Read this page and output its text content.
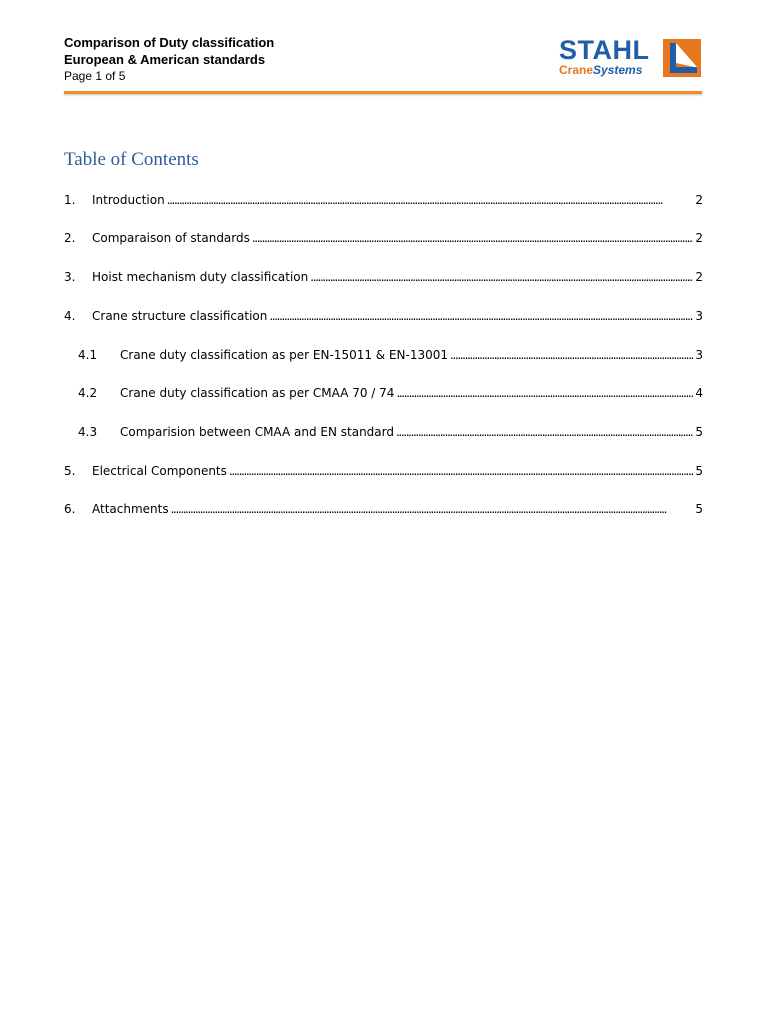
Comparison of Duty classification
European & American standards
Page 1 of 5
STAHL
CraneSystems
Table of Contents
1.	Introduction . . .	2
2.	Comparaison of standards . . .	2
3.	Hoist mechanism duty classification . . .	2
4.	Crane structure classification . . .	3
4.1	Crane duty classification as per EN-15011 & EN-13001 . . .	3
4.2	Crane duty classification as per CMAA 70 / 74 . . .	4
4.3	Comparision between CMAA and EN standard . . .	5
5.	Electrical Components . . .	5
6.	Attachments . . .	5
